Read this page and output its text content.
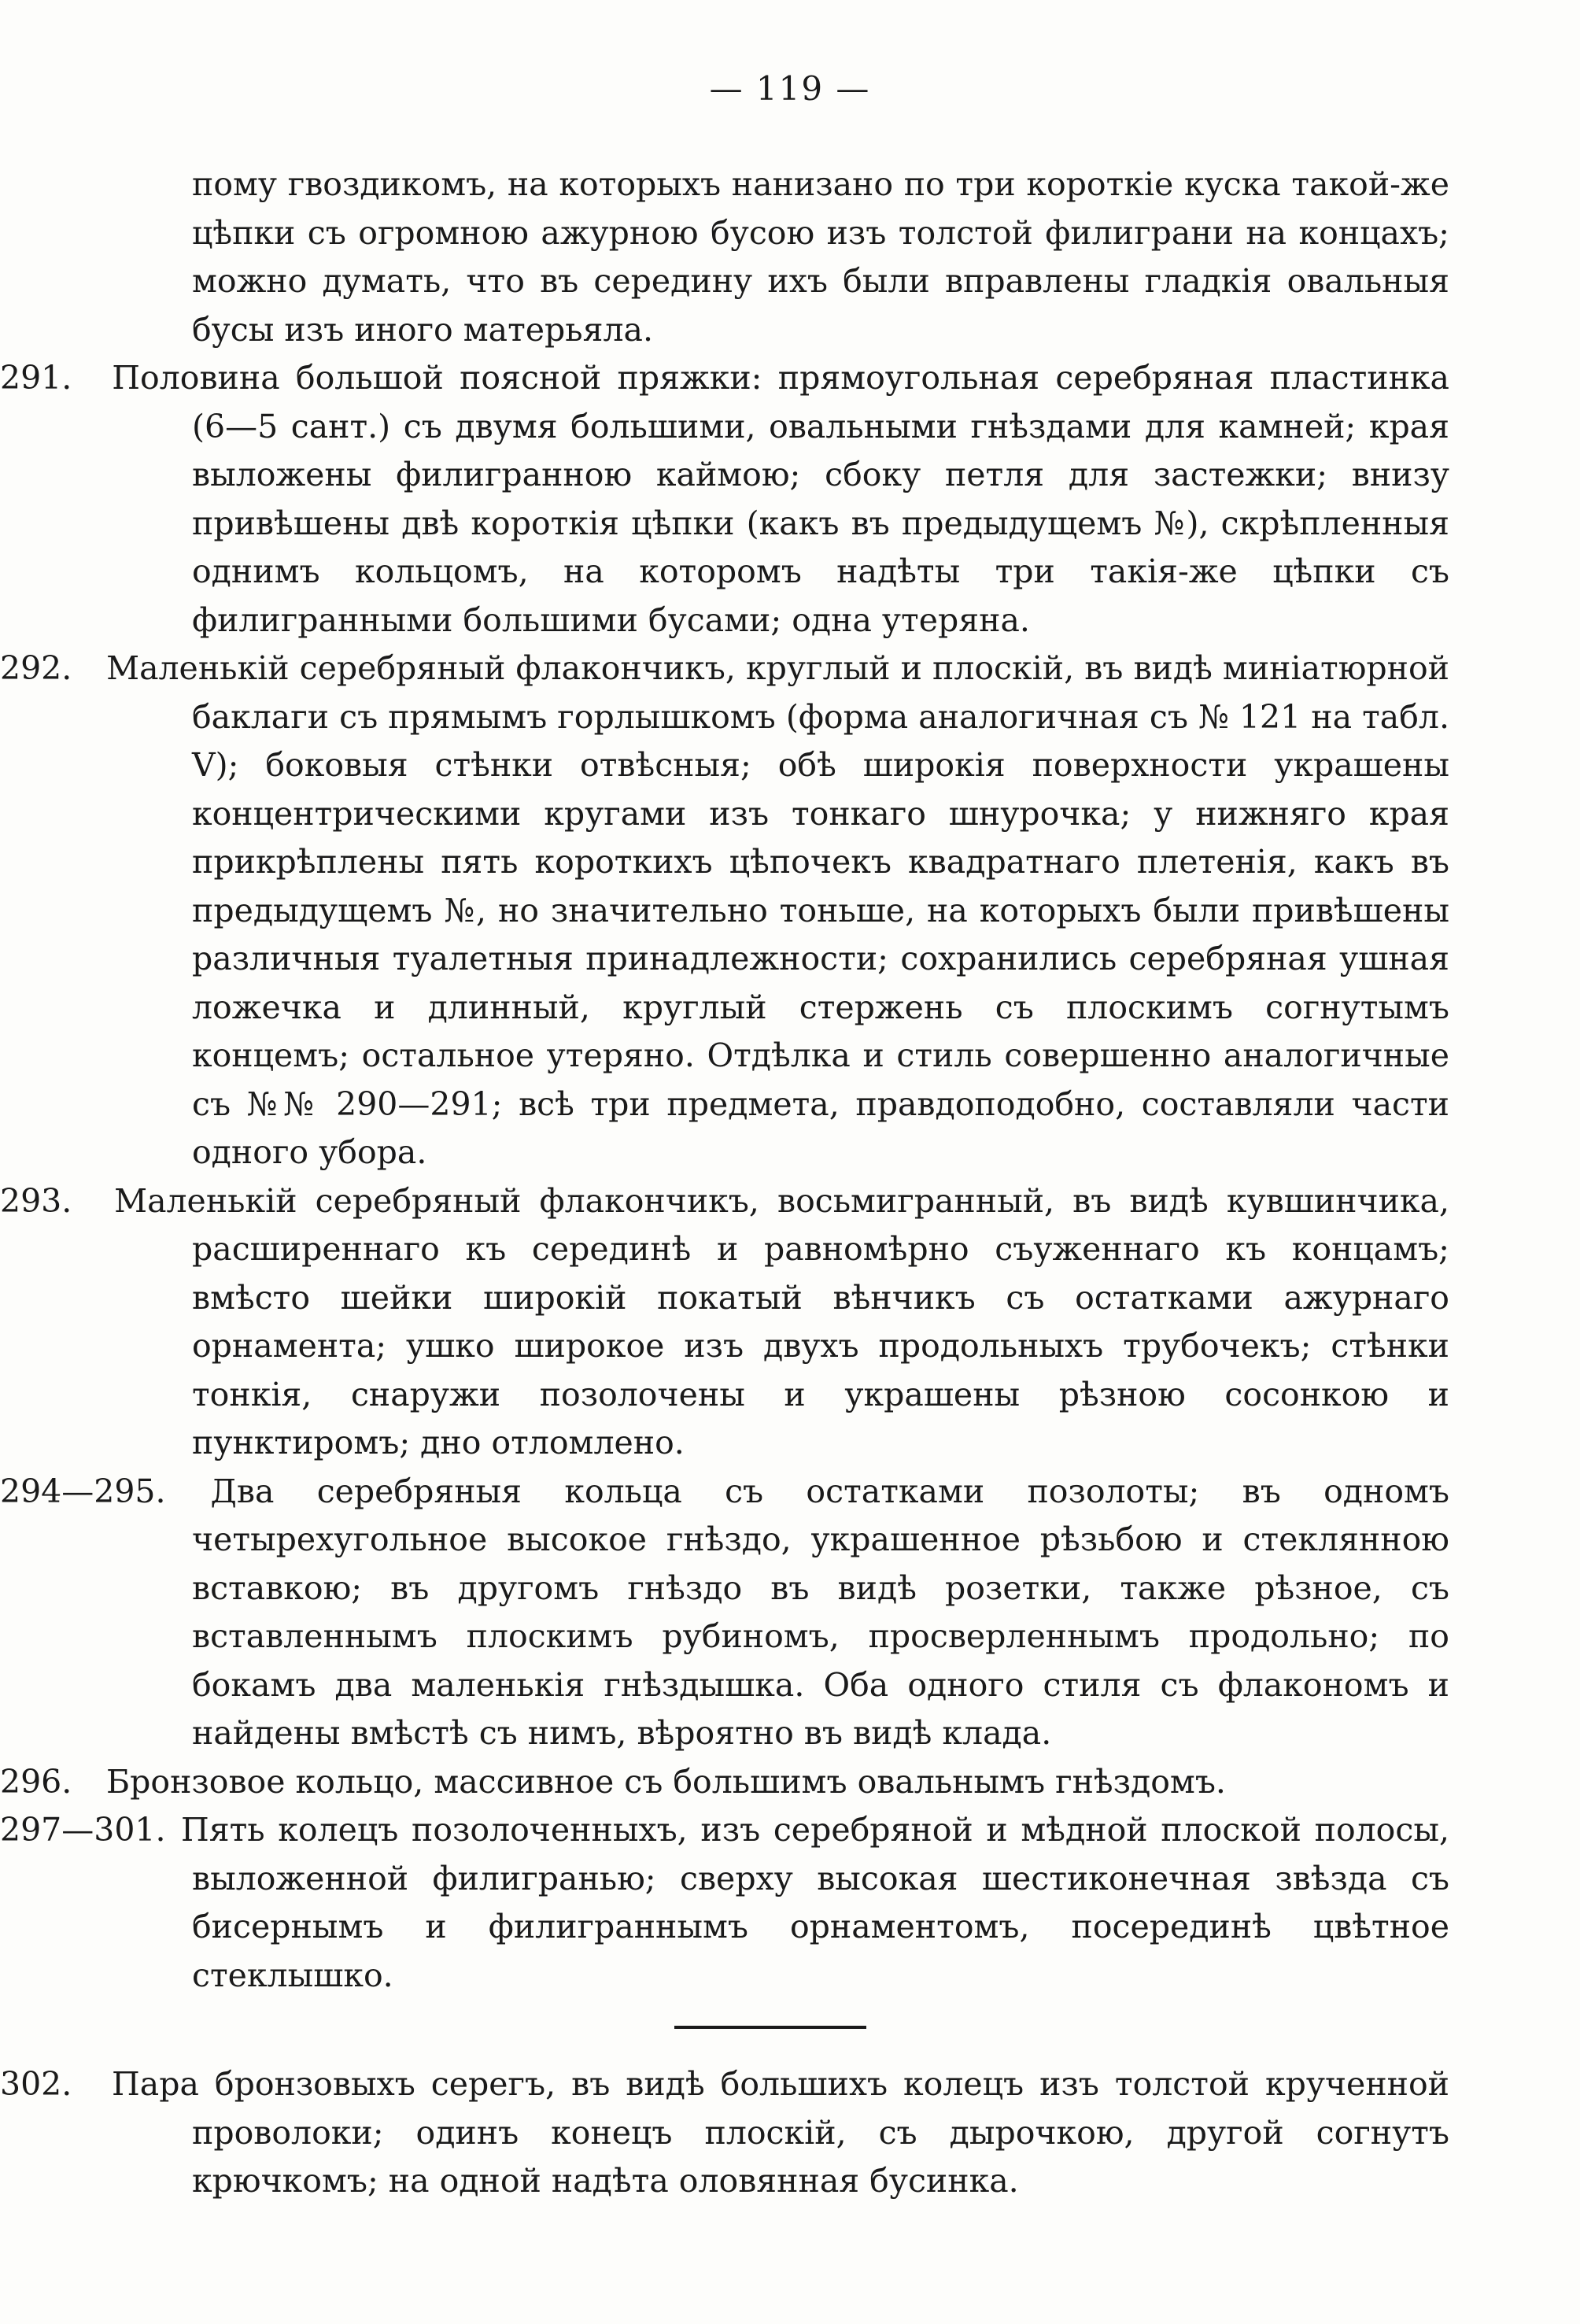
— 119 —

пому гвоздикомъ, на которыхъ нанизано по три короткіе куска такой-же цѣпки съ огромною ажурною бусою изъ толстой филиграни на концахъ; можно думать, что въ середину ихъ были вправлены гладкія овальныя бусы изъ иного матерьяла.

291. Половина большой поясной пряжки: прямоугольная серебряная пластинка (6—5 сант.) съ двумя большими, овальными гнѣздами для камней; края выложены филигранною каймою; сбоку петля для застежки; внизу привѣшены двѣ короткія цѣпки (какъ въ предыдущемъ №), скрѣпленныя однимъ кольцомъ, на которомъ надѣты три такія-же цѣпки съ филигранными большими бусами; одна утеряна.

292. Маленькій серебряный флакончикъ, круглый и плоскій, въ видѣ миніатюрной баклаги съ прямымъ горлышкомъ (форма аналогичная съ № 121 на табл. V); боковыя стѣнки отвѣсныя; обѣ широкія поверхности украшены концентрическими кругами изъ тонкаго шнурочка; у нижняго края прикрѣплены пять короткихъ цѣпочекъ квадратнаго плетенія, какъ въ предыдущемъ №, но значительно тоньше, на которыхъ были привѣшены различныя туалетныя принадлежности; сохранились серебряная ушная ложечка и длинный, круглый стержень съ плоскимъ согнутымъ концемъ; остальное утеряно. Отдѣлка и стиль совершенно аналогичные съ №№ 290—291; всѣ три предмета, правдоподобно, составляли части одного убора.

293. Маленькій серебряный флакончикъ, восьмигранный, въ видѣ кувшинчика, расширеннаго къ серединѣ и равномѣрно съуженнаго къ концамъ; вмѣсто шейки широкій покатый вѣнчикъ съ остатками ажурнаго орнамента; ушко широкое изъ двухъ продольныхъ трубочекъ; стѣнки тонкія, снаружи позолочены и украшены рѣзною сосонкою и пунктиромъ; дно отломлено.

294—295. Два серебряныя кольца съ остатками позолоты; въ одномъ четырехугольное высокое гнѣздо, украшенное рѣзьбою и стеклянною вставкою; въ другомъ гнѣздо въ видѣ розетки, также рѣзное, съ вставленнымъ плоскимъ рубиномъ, просверленнымъ продольно; по бокамъ два маленькія гнѣздышка. Оба одного стиля съ флакономъ и найдены вмѣстѣ съ нимъ, вѣроятно въ видѣ клада.

296. Бронзовое кольцо, массивное съ большимъ овальнымъ гнѣздомъ.

297—301. Пять колецъ позолоченныхъ, изъ серебряной и мѣдной плоской полосы, выложенной филигранью; сверху высокая шестиконечная звѣзда съ бисернымъ и филиграннымъ орнаментомъ, посерединѣ цвѣтное стеклышко.

302. Пара бронзовыхъ серегъ, въ видѣ большихъ колецъ изъ толстой крученной проволоки; одинъ конецъ плоскій, съ дырочкою, другой согнутъ крючкомъ; на одной надѣта оловянная бусинка.
